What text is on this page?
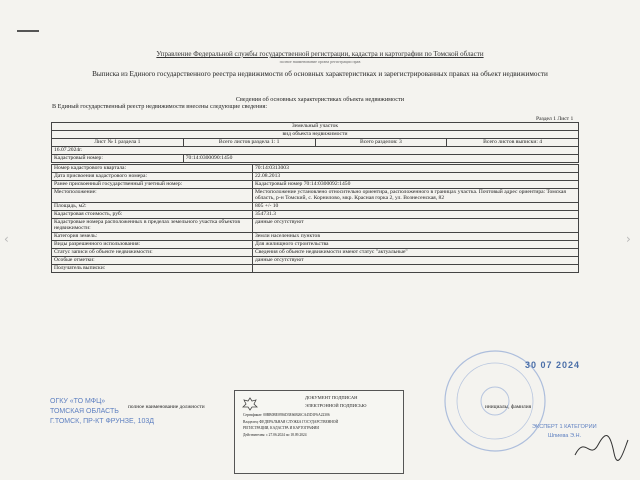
‹	›
Управление Федеральной службы государственной регистрации, кадастра и картографии по Томской области
полное наименование органа регистрации прав
Выписка из Единого государственного реестра недвижимости об основных характеристиках и зарегистрированных правах на объект недвижимости
Сведения об основных характеристиках объекта недвижимости
В Единый государственный реестр недвижимости внесены следующие сведения:
Раздел 1 Лист 1
Земельный участок			
вид объекта недвижимости			
Лист № 1 раздела 1	Всего листов раздела 1: 1	Всего разделов: 3	Всего листов выписки: 4
16.07.2024г.			
Кадастровый номер:	70:14:0300090:1450		
Номер кадастрового квартала:	70:14:0313003
Дата присвоения кадастрового номера:	22.08.2013
Ранее присвоенный государственный учетный номер:	Кадастровый номер 70:14:0300092:1450
Местоположение:	Местоположение установлено относительно ориентира, расположенного в границах участка. Почтовый адрес ориентира: Томская область, р-н Томский, с. Корнилово, мкр. Красная горка 2, ул. Вознесенская, 82
Площадь, м2:	805 +/- 10
Кадастровая стоимость, руб:	354731.3
Кадастровые номера расположенных в пределах земельного участка объектов недвижимости:	данные отсутствуют
Категория земель:	Земли населенных пунктов
Виды разрешенного использования:	Для жилищного строительства
Статус записи об объекте недвижимости:	Сведения об объекте недвижимости имеют статус "актуальные"
Особые отметки:	данные отсутствуют
Получатель выписки:	
ОГКУ «ТО МФЦ»
ТОМСКАЯ ОБЛАСТЬ
Г.ТОМСК, ПР-КТ ФРУНЗЕ, 103Д
полное наименование должности	инициалы, фамилия
ДОКУМЕНТ ПОДПИСАН
ЭЛЕКТРОННОЙ ПОДПИСЬЮ
Сертификат: 00BB0BE0936D3E66B26CA45D1F6A22306
Владелец: ФЕДЕРАЛЬНАЯ СЛУЖБА ГОСУДАРСТВЕННОЙ
РЕГИСТРАЦИИ, КАДАСТРА И КАРТОГРАФИИ
Действителен: с 27.06.2024 по 18.09.2024
30 07 2024
ЭКСПЕРТ 1 КАТЕГОРИИ
Шпиева Э.Н.
